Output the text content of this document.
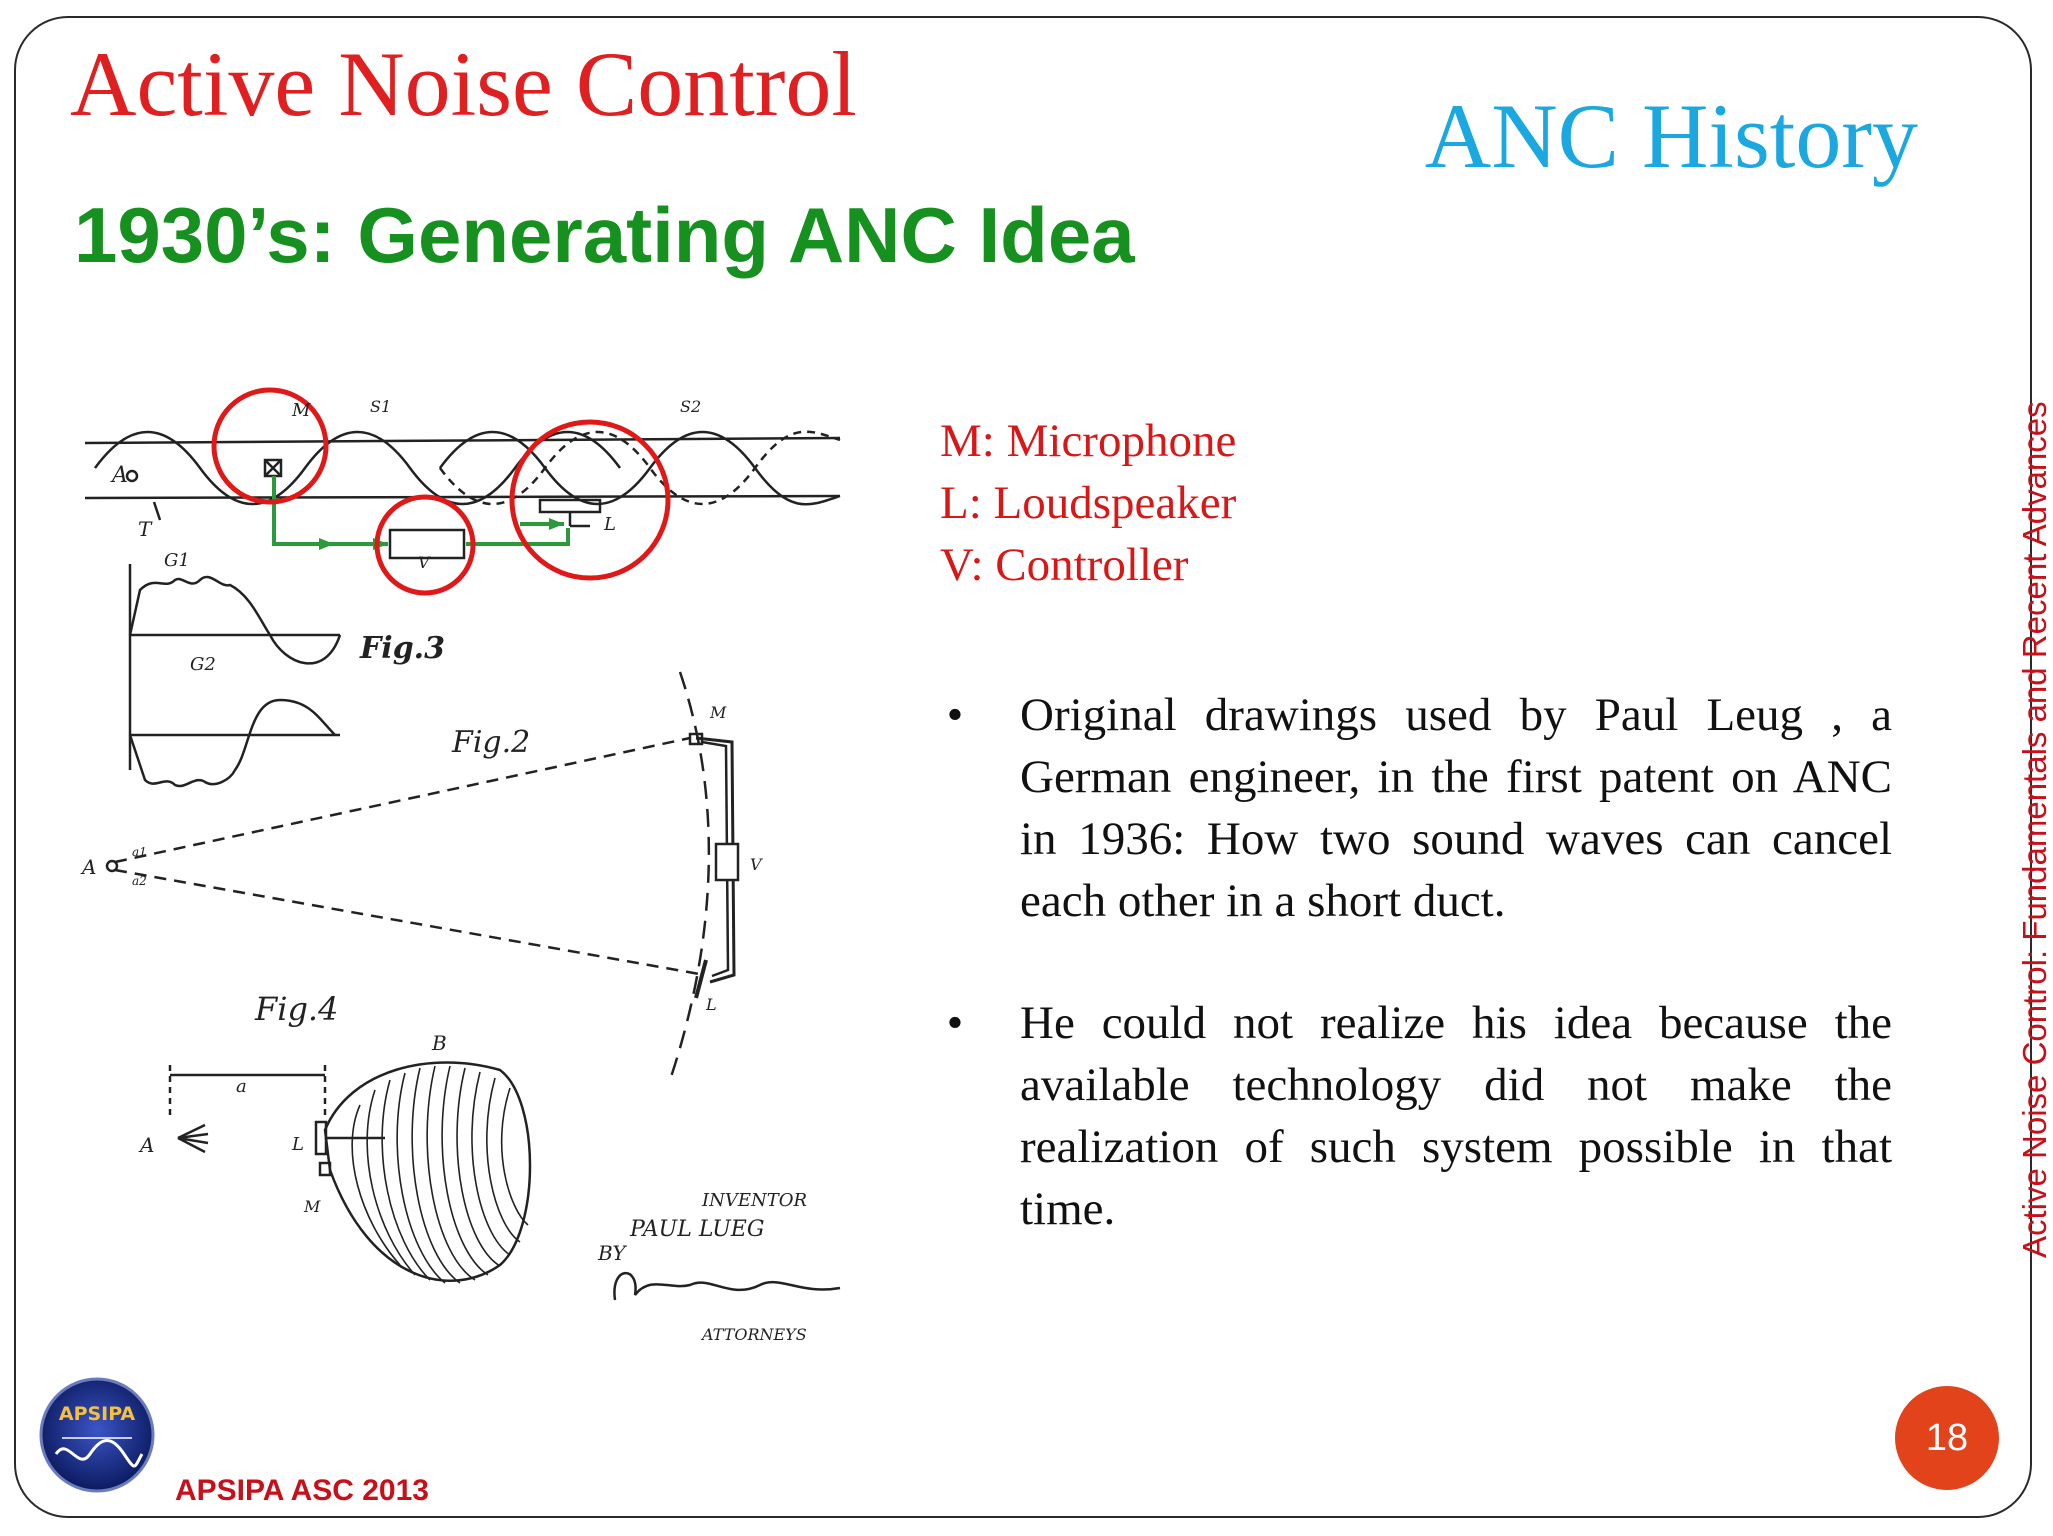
Active Noise Control
ANC History
1930’s: Generating ANC Idea
M	S1	S2
A
T
V
L
G1
G2	Fig.3
Fig.2
M
V
L
A
a1
a2
Fig.4
B
a
A	L
M	INVENTOR
PAUL LUEG
BY
ATTORNEYS
M: Microphone
L: Loudspeaker
V: Controller
• Original drawings used by Paul Leug , a German engineer, in the first patent on ANC in 1936: How two sound waves can cancel each other in a short duct.
• He could not realize his idea because the available technology did not make the realization of such system possible in that time.	Active Noise Control: Fundamentals and Recent Advances
APSIPA
APSIPA ASC 2013
18
